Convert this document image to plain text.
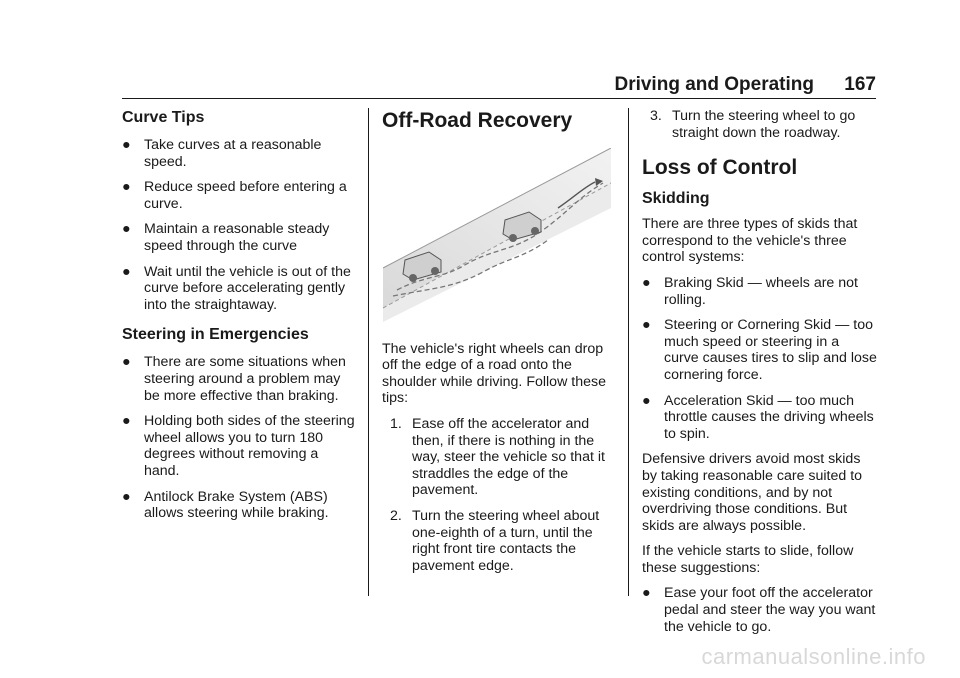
Driving and Operating 167
Curve Tips
● Take curves at a reasonable speed.
● Reduce speed before entering a curve.
● Maintain a reasonable steady speed through the curve
● Wait until the vehicle is out of the curve before accelerating gently into the straightaway.
Steering in Emergencies
● There are some situations when steering around a problem may be more effective than braking.
● Holding both sides of the steering wheel allows you to turn 180 degrees without removing a hand.
● Antilock Brake System (ABS) allows steering while braking.
Off-Road Recovery

The vehicle's right wheels can drop off the edge of a road onto the shoulder while driving. Follow these tips:

1. Ease off the accelerator and then, if there is nothing in the way, steer the vehicle so that it straddles the edge of the pavement.
2. Turn the steering wheel about one-eighth of a turn, until the right front tire contacts the pavement edge.
3. Turn the steering wheel to go straight down the roadway.
Loss of Control
Skidding

There are three types of skids that correspond to the vehicle's three control systems:

● Braking Skid — wheels are not rolling.
● Steering or Cornering Skid — too much speed or steering in a curve causes tires to slip and lose cornering force.
● Acceleration Skid — too much throttle causes the driving wheels to spin.

Defensive drivers avoid most skids by taking reasonable care suited to existing conditions, and by not overdriving those conditions. But skids are always possible.

If the vehicle starts to slide, follow these suggestions:

● Ease your foot off the accelerator pedal and steer the way you want the vehicle to go.
carmanualsonline.info
